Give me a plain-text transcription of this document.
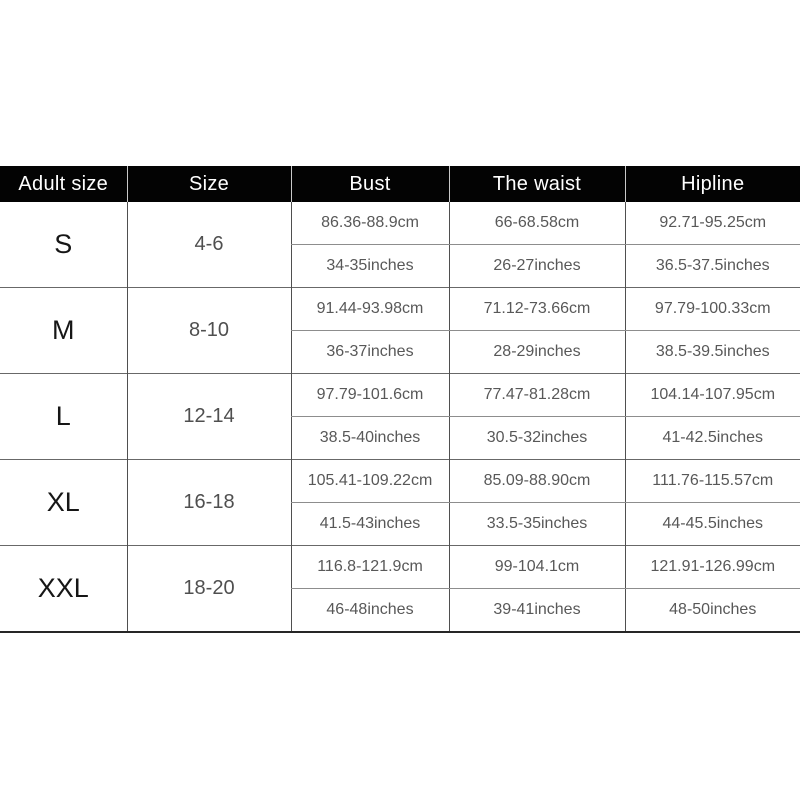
Adult size	Size	Bust	The waist	Hipline
S	4-6	86.36-88.9cm	66-68.58cm	92.71-95.25cm
		34-35inches	26-27inches	36.5-37.5inches
M	8-10	91.44-93.98cm	71.12-73.66cm	97.79-100.33cm
		36-37inches	28-29inches	38.5-39.5inches
L	12-14	97.79-101.6cm	77.47-81.28cm	104.14-107.95cm
		38.5-40inches	30.5-32inches	41-42.5inches
XL	16-18	105.41-109.22cm	85.09-88.90cm	111.76-115.57cm
		41.5-43inches	33.5-35inches	44-45.5inches
XXL	18-20	116.8-121.9cm	99-104.1cm	121.91-126.99cm
		46-48inches	39-41inches	48-50inches
